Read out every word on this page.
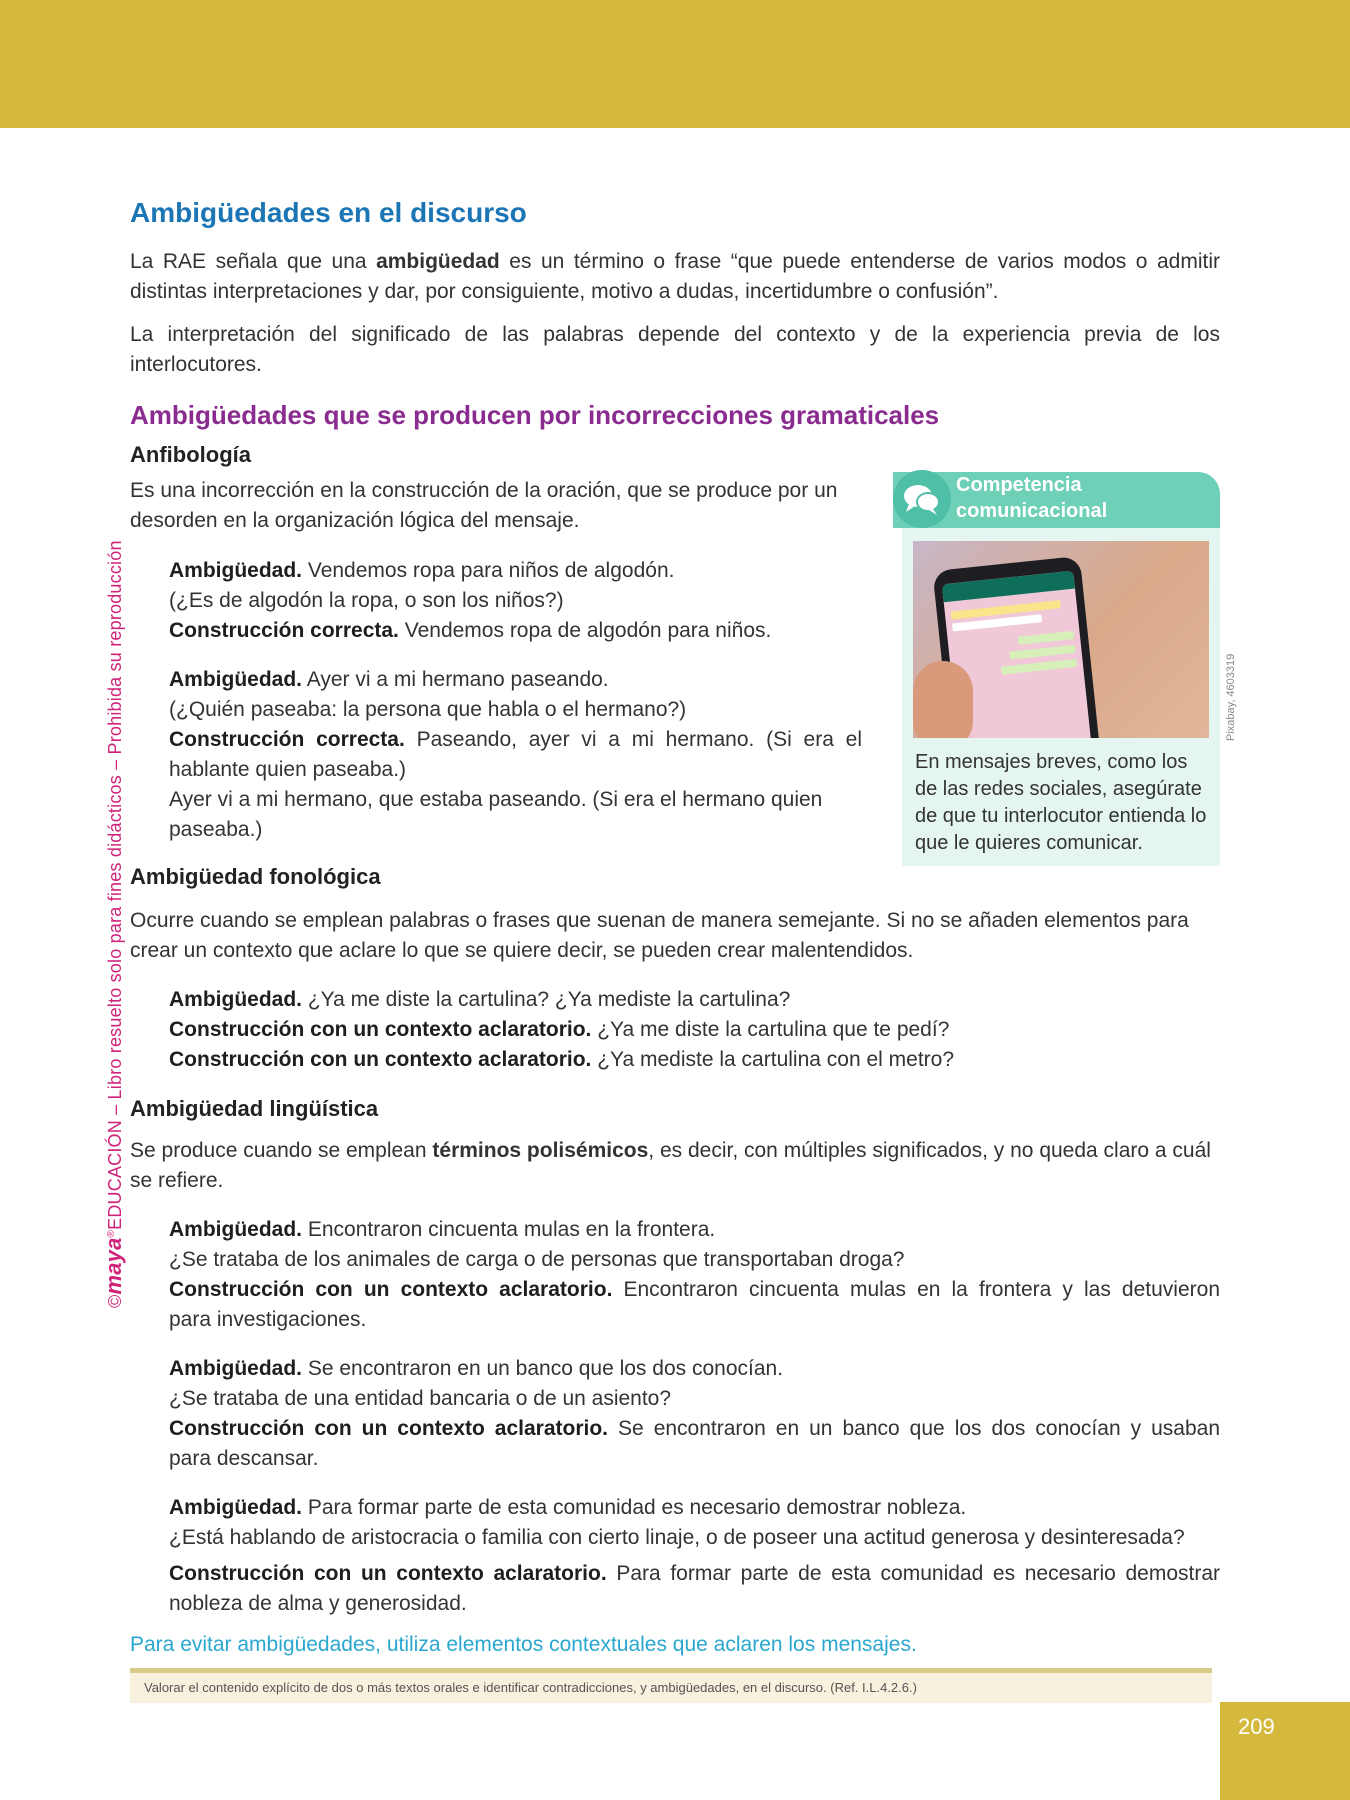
©maya®EDUCACIÓN – Libro resuelto solo para fines didácticos – Prohibida su reproducción
Ambigüedades en el discurso

La RAE señala que una ambigüedad es un término o frase “que puede entenderse de varios modos o admitir distintas interpretaciones y dar, por consiguiente, motivo a dudas, incertidumbre o confusión”.

La interpretación del significado de las palabras depende del contexto y de la experiencia previa de los interlocutores.

Ambigüedades que se producen por incorrecciones gramaticales
Anfibología

Es una incorrección en la construcción de la oración, que se produce por un desorden en la organización lógica del mensaje.

Ambigüedad. Vendemos ropa para niños de algodón.
(¿Es de algodón la ropa, o son los niños?)
Construcción correcta. Vendemos ropa de algodón para niños.
Ambigüedad. Ayer vi a mi hermano paseando.
(¿Quién paseaba: la persona que habla o el hermano?)
Construcción correcta. Paseando, ayer vi a mi hermano. (Si era el
hablante quien paseaba.)
Ayer vi a mi hermano, que estaba paseando. (Si era el hermano quien
paseaba.)

Competencia
comunicacional

Pixabay, 4603319

En mensajes breves, como los de las redes sociales, asegúrate de que tu interlocutor entienda lo que le quieres comunicar.

Ambigüedad fonológica

Ocurre cuando se emplean palabras o frases que suenan de manera semejante. Si no se añaden elementos para crear un contexto que aclare lo que se quiere decir, se pueden crear malentendidos.

Ambigüedad. ¿Ya me diste la cartulina? ¿Ya mediste la cartulina?
Construcción con un contexto aclaratorio. ¿Ya me diste la cartulina que te pedí?
Construcción con un contexto aclaratorio. ¿Ya mediste la cartulina con el metro?
Ambigüedad lingüística

Se produce cuando se emplean términos polisémicos, es decir, con múltiples significados, y no queda claro a cuál se refiere.

Ambigüedad. Encontraron cincuenta mulas en la frontera.
¿Se trataba de los animales de carga o de personas que transportaban droga?
Construcción con un contexto aclaratorio. Encontraron cincuenta mulas en la frontera y las detuvieron
para investigaciones.
Ambigüedad. Se encontraron en un banco que los dos conocían.
¿Se trataba de una entidad bancaria o de un asiento?
Construcción con un contexto aclaratorio. Se encontraron en un banco que los dos conocían y usaban
para descansar.
Ambigüedad. Para formar parte de esta comunidad es necesario demostrar nobleza.
¿Está hablando de aristocracia o familia con cierto linaje, o de poseer una actitud generosa y desinteresada?
Construcción con un contexto aclaratorio. Para formar parte de esta comunidad es necesario demostrar
nobleza de alma y generosidad.

Para evitar ambigüedades, utiliza elementos contextuales que aclaren los mensajes.

Valorar el contenido explícito de dos o más textos orales e identificar contradicciones, y ambigüedades, en el discurso. (Ref. I.L.4.2.6.)
209
